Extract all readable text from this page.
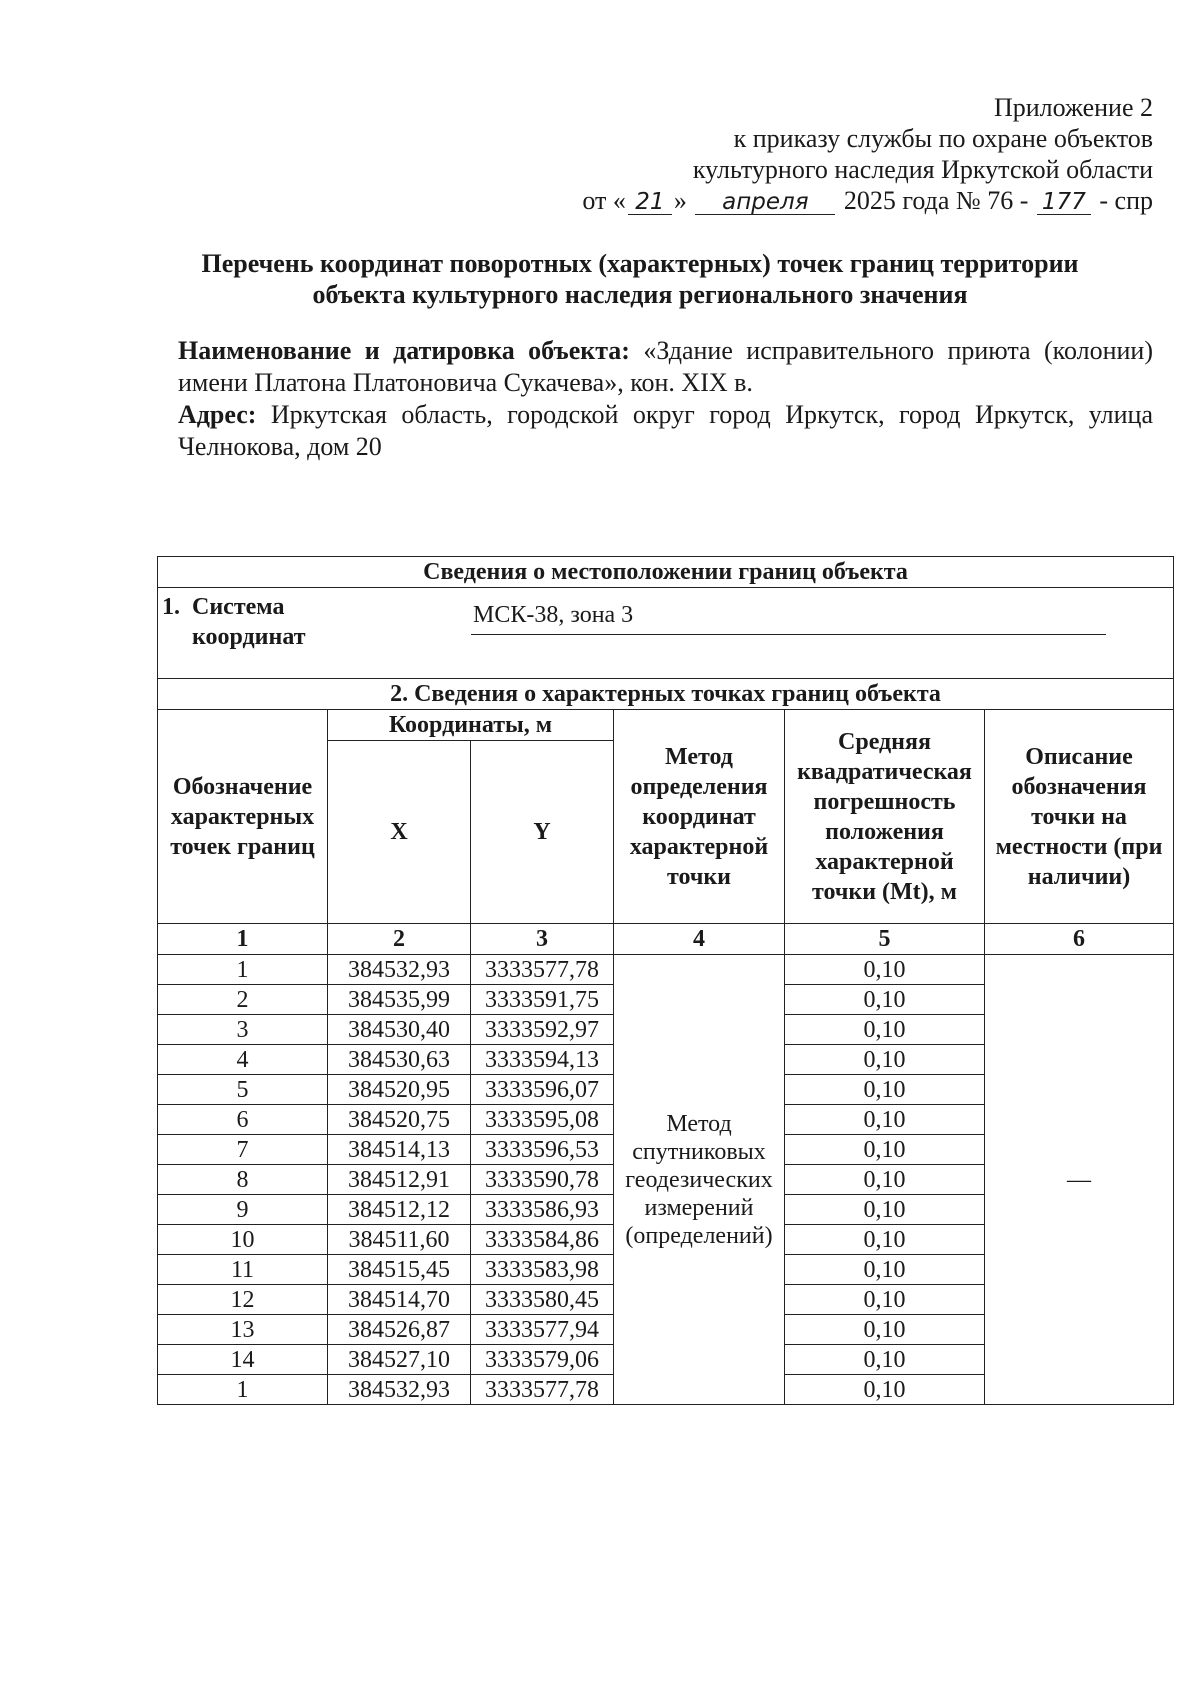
Приложение 2
к приказу службы по охране объектов
культурного наследия Иркутской области
от « 21 » апреля 2025 года № 76 - 177 - спр
Перечень координат поворотных (характерных) точек границ территории
объекта культурного наследия регионального значения

Наименование и датировка объекта: «Здание исправительного приюта (колонии) имени Платона Платоновича Сукачева», кон. XIX в.

Адрес: Иркутская область, городской округ город Иркутск, город Иркутск, улица Челнокова, дом 20

Сведения о местоположении границ объекта					

1. Система
координат
МСК-38, зона 3					

2. Сведения о характерных точках границ объекта					
Обозначение характерных точек границ	Координаты, м		Метод определения координат характерной точки	Средняя квадратическая погрешность положения характерной точки (Mt), м	Описание обозначения точки на местности (при наличии)
	X	Y			
1	2	3	4	5	6
1	384532,93	3333577,78	Метод спутниковых геодезических измерений (определений)	0,10	—
2	384535,99	3333591,75		0,10	
3	384530,40	3333592,97		0,10	
4	384530,63	3333594,13		0,10	
5	384520,95	3333596,07		0,10	
6	384520,75	3333595,08		0,10	
7	384514,13	3333596,53		0,10	
8	384512,91	3333590,78		0,10	
9	384512,12	3333586,93		0,10	
10	384511,60	3333584,86		0,10	
11	384515,45	3333583,98		0,10	
12	384514,70	3333580,45		0,10	
13	384526,87	3333577,94		0,10	
14	384527,10	3333579,06		0,10	
1	384532,93	3333577,78		0,10	
